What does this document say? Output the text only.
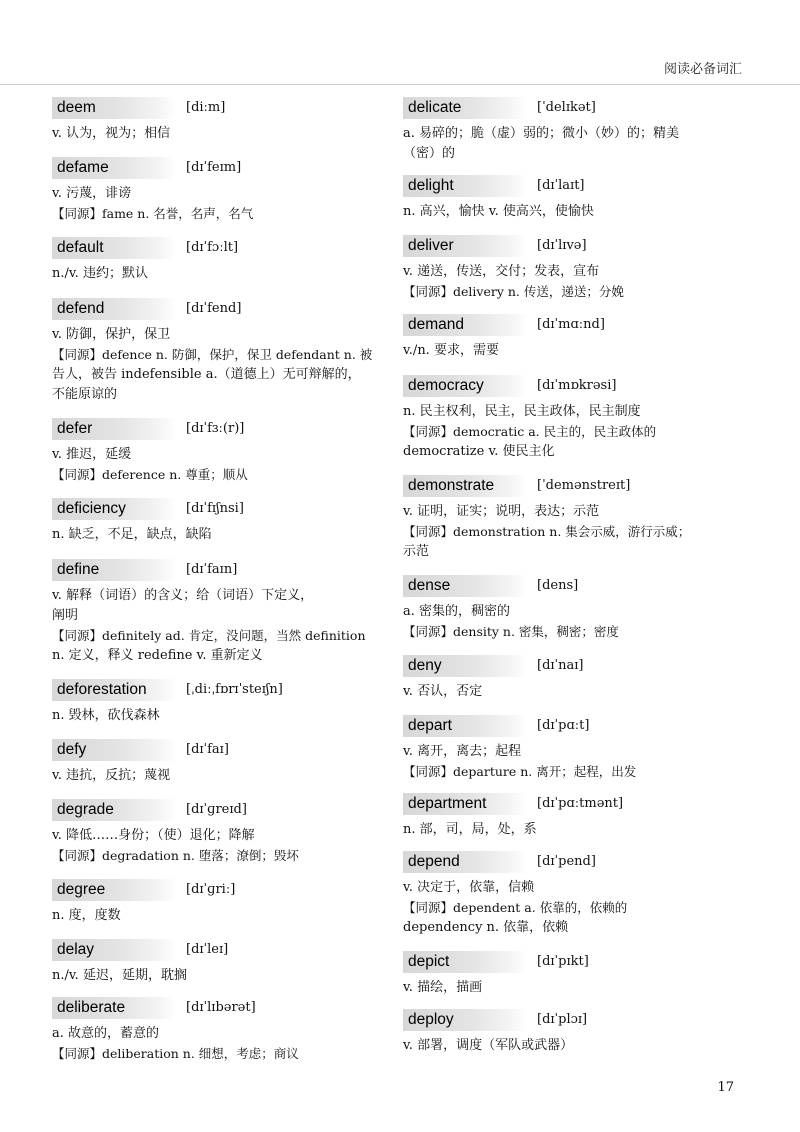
阅读必备词汇
deem	[diːm]
v. 认为，视为；相信
defame	[dɪˈfeɪm]
v. 污蔑，诽谤
【同源】fame n. 名誉，名声，名气
default	[dɪˈfɔːlt]
n./v. 违约；默认
defend	[dɪˈfend]
v. 防御，保护，保卫
【同源】defence n. 防御，保护，保卫 defendant n. 被
告人，被告 indefensible a.（道德上）无可辩解的，
不能原谅的
defer	[dɪˈfɜː(r)]
v. 推迟，延缓
【同源】deference n. 尊重；顺从
deficiency	[dɪˈfɪʃnsi]
n. 缺乏，不足，缺点，缺陷
define	[dɪˈfaɪn]
v. 解释（词语）的含义；给（词语）下定义，
阐明
【同源】definitely ad. 肯定，没问题，当然 definition
n. 定义，释义 redefine v. 重新定义
deforestation	[ˌdiːˌfɒrɪˈsteɪʃn]
n. 毁林，砍伐森林
defy	[dɪˈfaɪ]
v. 违抗，反抗；蔑视
degrade	[dɪˈɡreɪd]
v. 降低……身份；（使）退化；降解
【同源】degradation n. 堕落；潦倒；毁坏
degree	[dɪˈɡriː]
n. 度，度数
delay	[dɪˈleɪ]
n./v. 延迟，延期，耽搁
deliberate	[dɪˈlɪbərət]
a. 故意的，蓄意的
【同源】deliberation n. 细想，考虑；商议
delicate	[ˈdelɪkət]
a. 易碎的；脆（虚）弱的；微小（妙）的；精美
（密）的
delight	[dɪˈlaɪt]
n. 高兴，愉快 v. 使高兴，使愉快
deliver	[dɪˈlɪvə]
v. 递送，传送，交付；发表，宣布
【同源】delivery n. 传送，递送；分娩
demand	[dɪˈmɑːnd]
v./n. 要求，需要
democracy	[dɪˈmɒkrəsi]
n. 民主权利，民主，民主政体，民主制度
【同源】democratic a. 民主的，民主政体的
democratize v. 使民主化
demonstrate	[ˈdemənstreɪt]
v. 证明，证实；说明，表达；示范
【同源】demonstration n. 集会示威，游行示威；
示范
dense	[dens]
a. 密集的，稠密的
【同源】density n. 密集，稠密；密度
deny	[dɪˈnaɪ]
v. 否认，否定
depart	[dɪˈpɑːt]
v. 离开，离去；起程
【同源】departure n. 离开；起程，出发
department	[dɪˈpɑːtmənt]
n. 部，司，局，处，系
depend	[dɪˈpend]
v. 决定于，依靠，信赖
【同源】dependent a. 依靠的，依赖的
dependency n. 依靠，依赖
depict	[dɪˈpɪkt]
v. 描绘，描画
deploy	[dɪˈplɔɪ]
v. 部署，调度（军队或武器）
17
